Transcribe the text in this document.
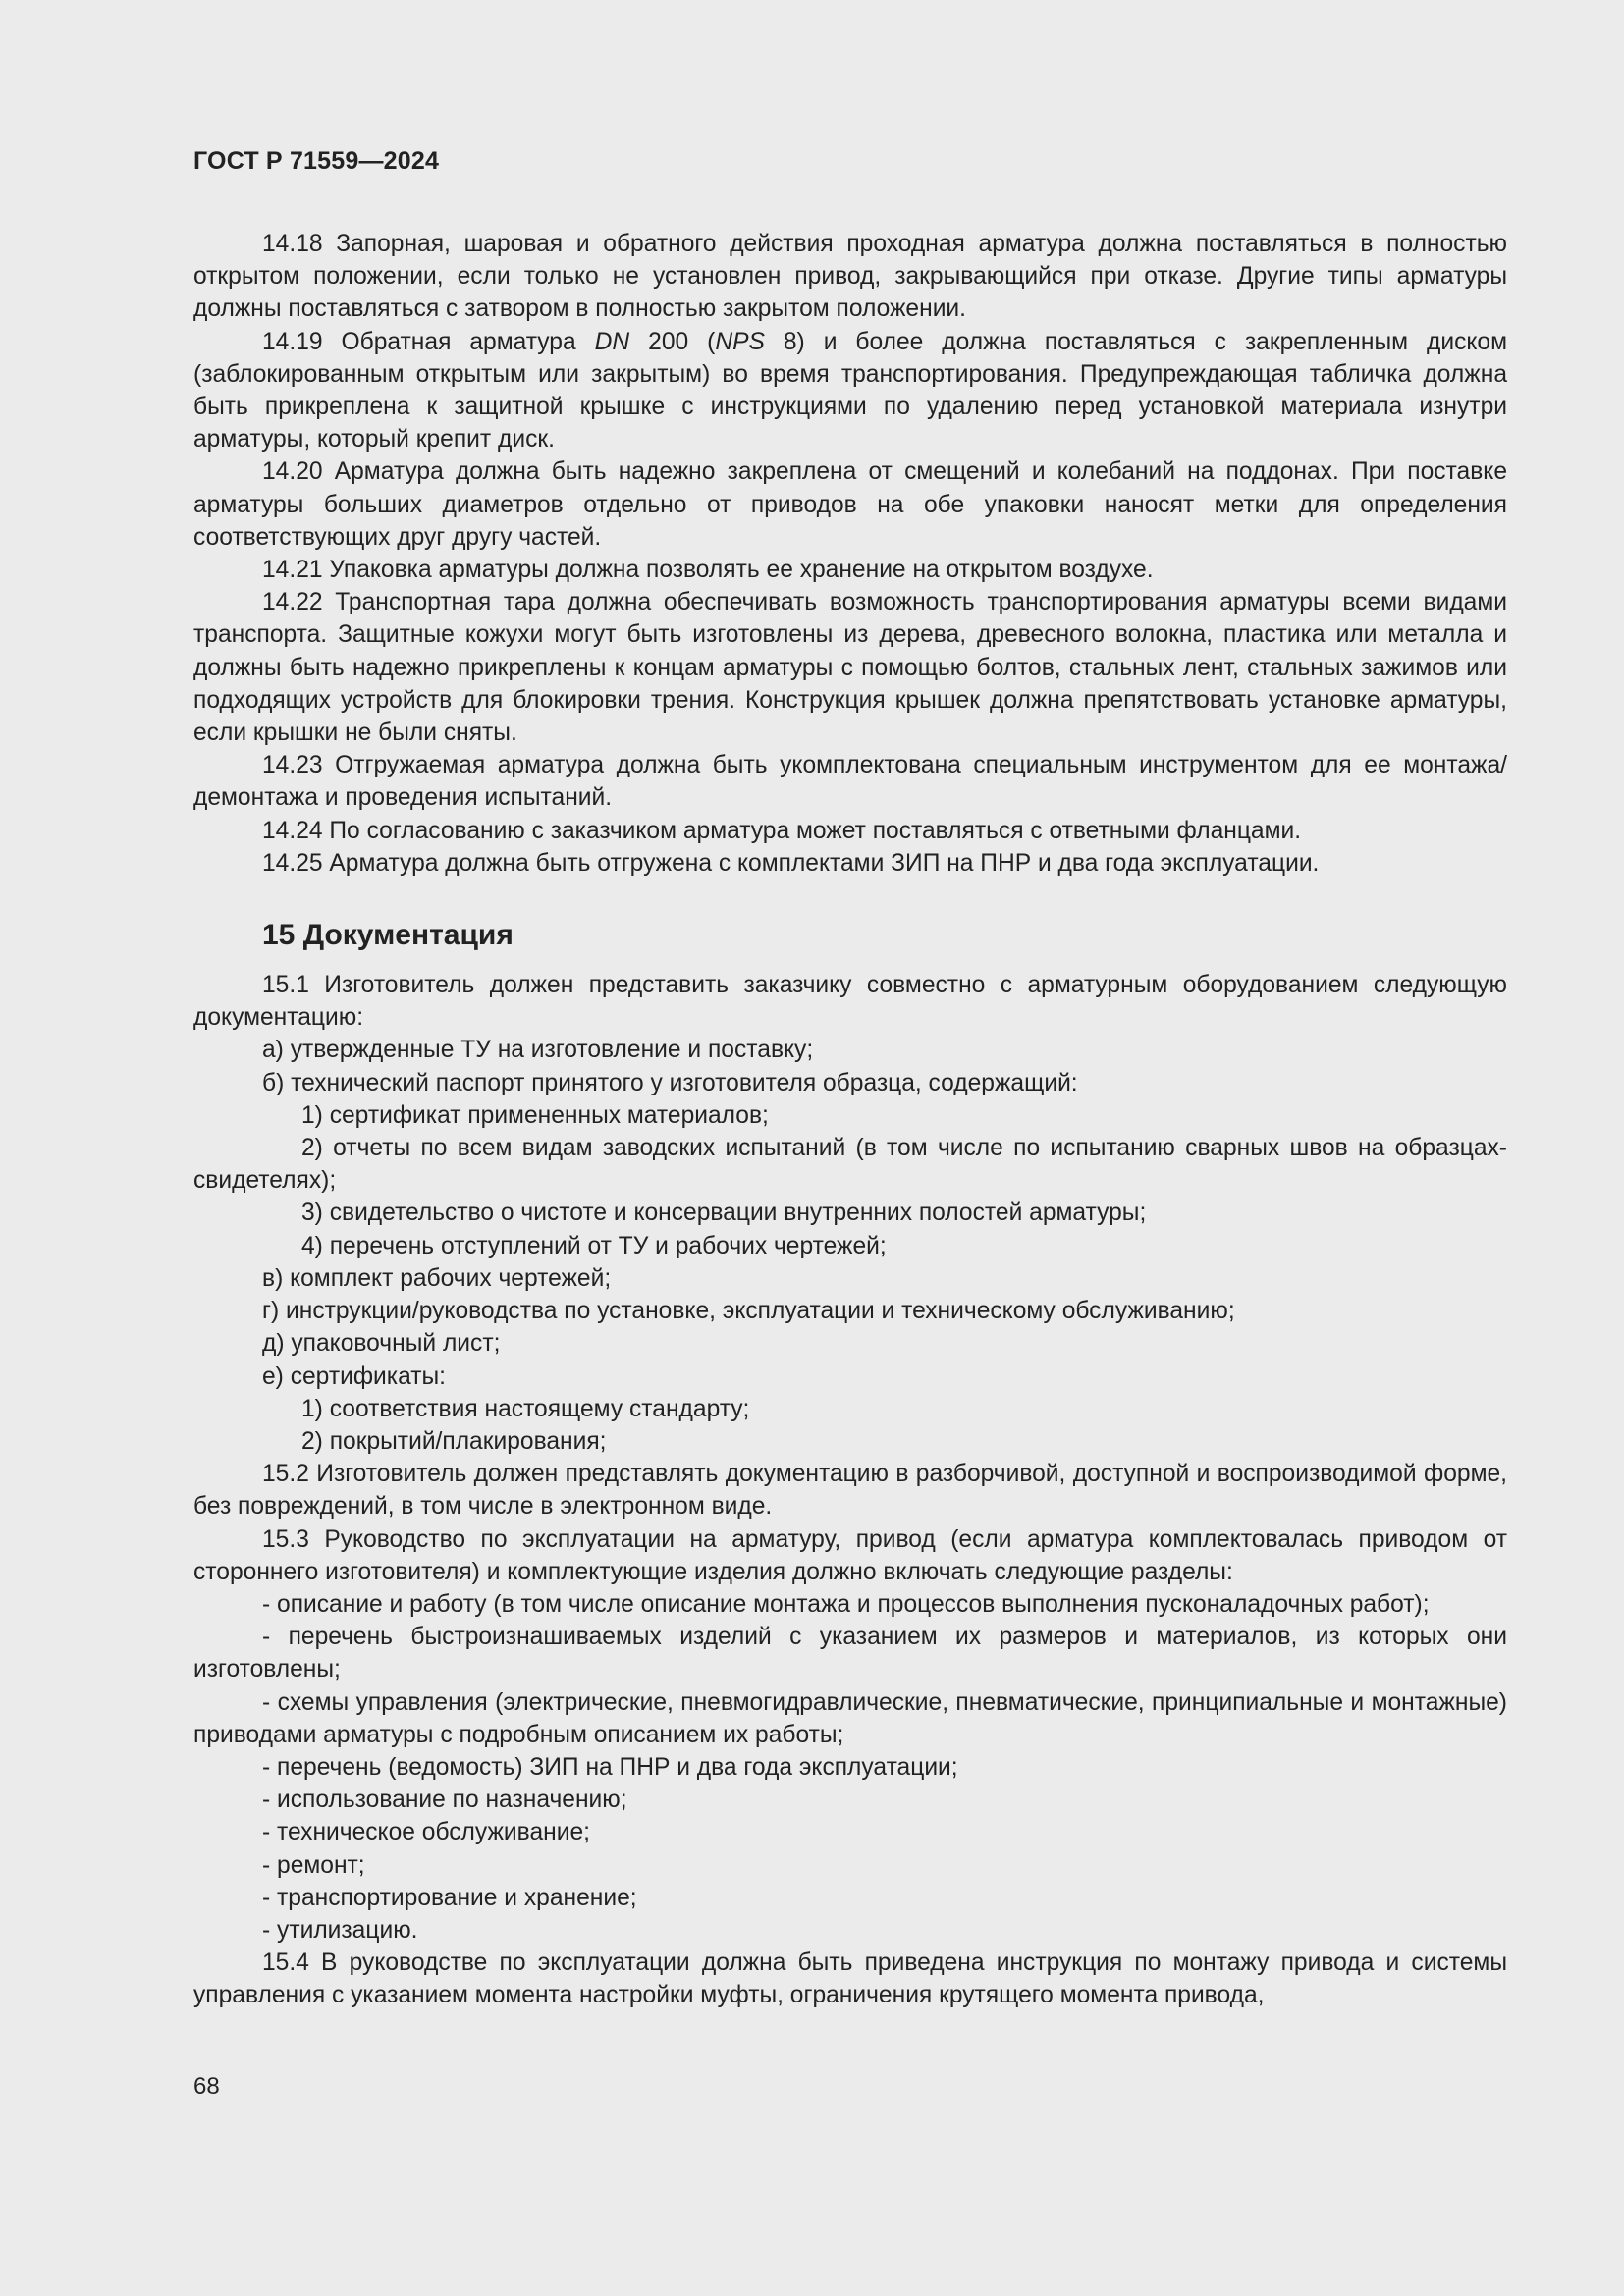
ГОСТ Р 71559—2024

14.18 Запорная, шаровая и обратного действия проходная арматура должна поставляться в полностью открытом положении, если только не установлен привод, закрывающийся при отказе. Другие типы арматуры должны поставляться с затвором в полностью закрытом положении.

14.19 Обратная арматура DN 200 (NPS 8) и более должна поставляться с закрепленным диском (заблокированным открытым или закрытым) во время транспортирования. Предупреждающая табличка должна быть прикреплена к защитной крышке с инструкциями по удалению перед установкой материала изнутри арматуры, который крепит диск.

14.20 Арматура должна быть надежно закреплена от смещений и колебаний на поддонах. При поставке арматуры больших диаметров отдельно от приводов на обе упаковки наносят метки для определения соответствующих друг другу частей.

14.21 Упаковка арматуры должна позволять ее хранение на открытом воздухе.

14.22 Транспортная тара должна обеспечивать возможность транспортирования арматуры всеми видами транспорта. Защитные кожухи могут быть изготовлены из дерева, древесного волокна, пластика или металла и должны быть надежно прикреплены к концам арматуры с помощью болтов, стальных лент, стальных зажимов или подходящих устройств для блокировки трения. Конструкция крышек должна препятствовать установке арматуры, если крышки не были сняты.

14.23 Отгружаемая арматура должна быть укомплектована специальным инструментом для ее монтажа/демонтажа и проведения испытаний.

14.24 По согласованию с заказчиком арматура может поставляться с ответными фланцами.

14.25 Арматура должна быть отгружена с комплектами ЗИП на ПНР и два года эксплуатации.

15 Документация

15.1 Изготовитель должен представить заказчику совместно с арматурным оборудованием следующую документацию:

а) утвержденные ТУ на изготовление и поставку;

б) технический паспорт принятого у изготовителя образца, содержащий:

1) сертификат примененных материалов;

2) отчеты по всем видам заводских испытаний (в том числе по испытанию сварных швов на образцах-свидетелях);

3) свидетельство о чистоте и консервации внутренних полостей арматуры;

4) перечень отступлений от ТУ и рабочих чертежей;

в) комплект рабочих чертежей;

г) инструкции/руководства по установке, эксплуатации и техническому обслуживанию;

д) упаковочный лист;

е) сертификаты:

1) соответствия настоящему стандарту;

2) покрытий/плакирования;

15.2 Изготовитель должен представлять документацию в разборчивой, доступной и воспроизводимой форме, без повреждений, в том числе в электронном виде.

15.3 Руководство по эксплуатации на арматуру, привод (если арматура комплектовалась приводом от стороннего изготовителя) и комплектующие изделия должно включать следующие разделы:

- описание и работу (в том числе описание монтажа и процессов выполнения пусконаладочных работ);

- перечень быстроизнашиваемых изделий с указанием их размеров и материалов, из которых они изготовлены;

- схемы управления (электрические, пневмогидравлические, пневматические, принципиальные и монтажные) приводами арматуры с подробным описанием их работы;

- перечень (ведомость) ЗИП на ПНР и два года эксплуатации;

- использование по назначению;

- техническое обслуживание;

- ремонт;

- транспортирование и хранение;

- утилизацию.

15.4 В руководстве по эксплуатации должна быть приведена инструкция по монтажу привода и системы управления с указанием момента настройки муфты, ограничения крутящего момента привода,

68
